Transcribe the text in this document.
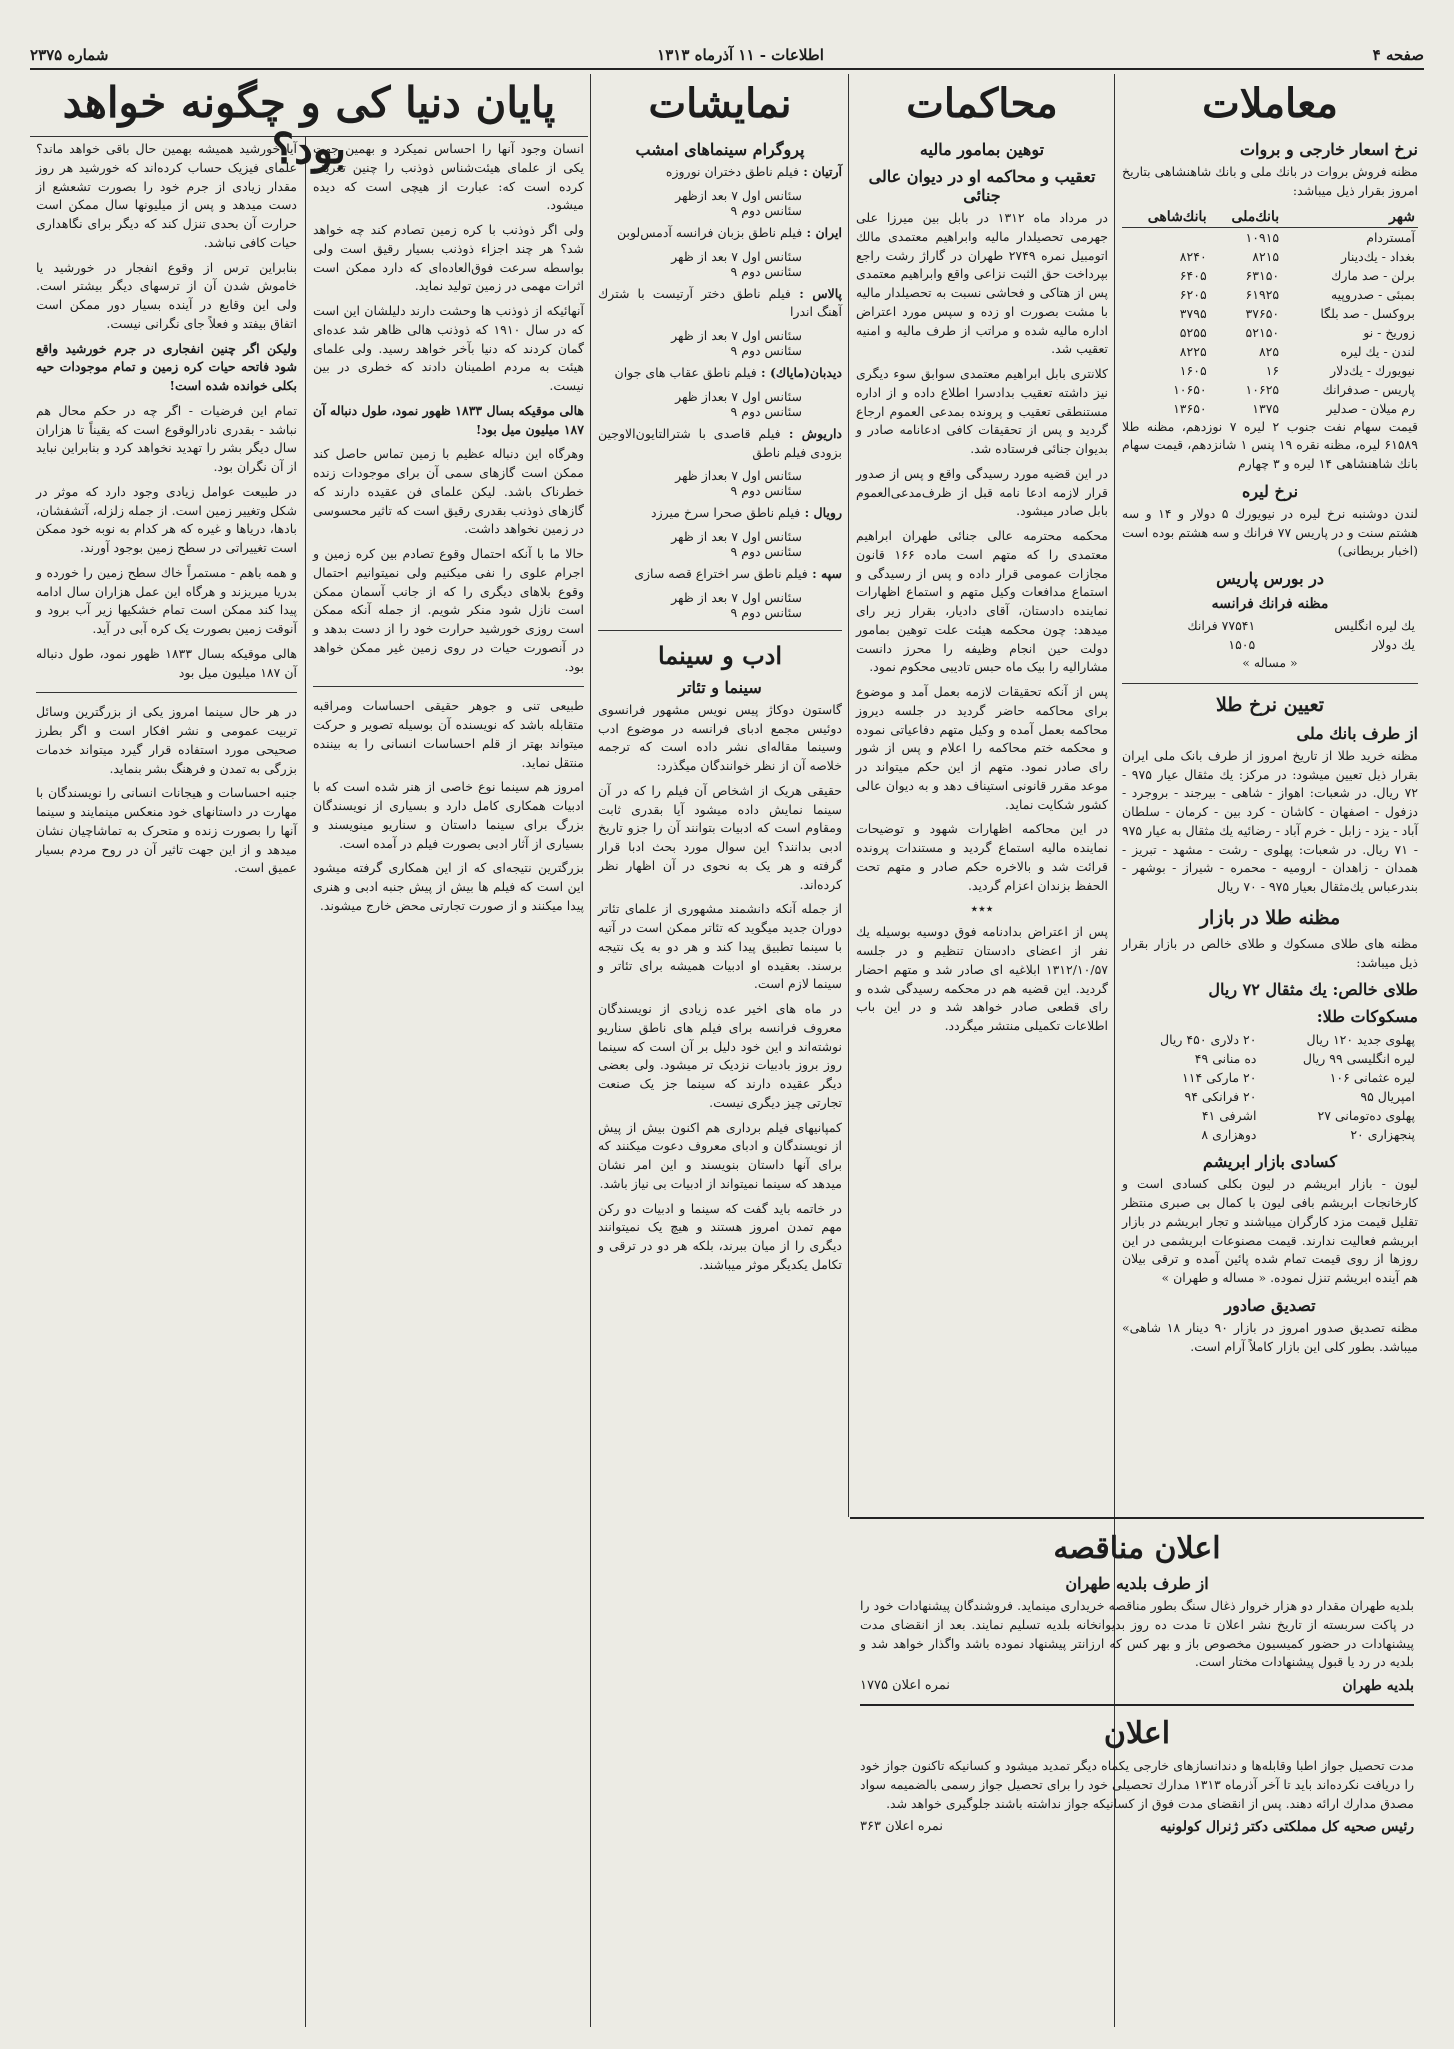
صفحه ۴
اطلاعات - ۱۱ آذرماه ۱۳۱۳
شماره ۲۳۷۵
معاملات
نرخ اسعار خارجی و بروات

مظنه فروش بروات در بانك ملی و بانك شاهنشاهی بتاریخ امروز بقرار ذیل میباشد:

شهر	بانك‌ملی	بانك‌شاهی
آمستردام	۱۰۹۱۵	
بغداد - یك‌دینار	۸۲۱۵	۸۲۴۰
برلن - صد مارك	۶۳۱۵۰	۶۴۰۵
بمبئی - صدروپیه	۶۱۹۲۵	۶۲۰۵
بروکسل - صد بلگا	۳۷۶۵۰	۳۷۹۵
زوریخ - نو	۵۲۱۵۰	۵۲۵۵
لندن - یك لیره	۸۲۵	۸۲۲۵
نیویورك - یك‌دلار	۱۶	۱۶۰۵
پاریس - صدفرانك	۱۰۶۲۵	۱۰۶۵۰
رم میلان - صدلیر	۱۳۷۵	۱۳۶۵۰

قیمت سهام نفت جنوب ۲ لیره ۷ نوزدهم، مظنه طلا ۶۱۵۸۹ لیره، مظنه نقره ۱۹ پنس ۱ شانزدهم، قیمت سهام بانك شاهنشاهی ۱۴ لیره و ۳ چهارم

نرخ لیره

لندن دوشنبه نرخ لیره در نیویورك ۵ دولار و ۱۴ و سه هشتم سنت و در پاریس ۷۷ فرانك و سه هشتم بوده است (اخبار بریطانی)

در بورس پاریس
مظنه فرانك فرانسه
یك لیره انگلیس	۷۷۵۴۱ فرانك
یك دولار	۱۵۰۵

« مساله »

تعیین نرخ طلا
از طرف بانك ملی

مظنه خرید طلا از تاریخ امروز از طرف بانک ملی ایران بقرار ذیل تعیین میشود: در مرکز: یك مثقال عیار ۹۷۵ - ۷۲ ریال. در شعبات: اهواز - شاهی - بیرجند - بروجرد - دزفول - اصفهان - کاشان - کرد بین - کرمان - سلطان آباد - یزد - زابل - خرم آباد - رضائیه یك مثقال به عیار ۹۷۵ - ۷۱ ریال. در شعبات: پهلوی - رشت - مشهد - تبریز - همدان - زاهدان - ارومیه - محمره - شیراز - بوشهر - بندرعباس یك‌مثقال بعیار ۹۷۵ - ۷۰ ریال

مظنه طلا در بازار

مظنه های طلای مسکوك و طلای خالص در بازار بقرار ذیل میباشد:

طلای خالص: یك مثقال ۷۲ ریال
مسکوکات طلا:
پهلوی جدید ۱۲۰ ریال	۲۰ دلاری ۴۵۰ ریال
لیره انگلیسی ۹۹ ریال	ده منانی ۴۹
لیره عثمانی ۱۰۶	۲۰ مارکی ۱۱۴
امپریال ۹۵	۲۰ فرانکی ۹۴
پهلوی ده‌تومانی ۲۷	اشرفی ۴۱
پنجهزاری ۲۰	دوهزاری ۸
کسادی بازار ابریشم

لیون - بازار ابریشم در لیون بکلی کسادی است و کارخانجات ابریشم بافی لیون با کمال بی صبری منتظر تقلیل قیمت مزد کارگران میباشند و تجار ابریشم در بازار ابریشم فعالیت ندارند. قیمت مصنوعات ابریشمی در این روزها از روی قیمت تمام شده پائین آمده و ترقی بیلان هم آینده ابریشم تنزل نموده. « مساله و طهران »

تصدیق صادور

مظنه تصدیق صدور امروز در بازار ۹۰ دینار ۱۸ شاهی» میباشد. بطور کلی این بازار کاملاً آرام است.

محاکمات
توهین بمامور مالیه
تعقیب و محاکمه او در دیوان عالی جنائی

در مرداد ماه ۱۳۱۲ در بابل بین میرزا علی جهرمی تحصیلدار مالیه وابراهیم معتمدی مالك اتومبیل نمره ۲۷۴۹ طهران در گاراژ رشت راجع بپرداخت حق الثبت نزاعی واقع وابراهیم معتمدی پس از هتاکی و فحاشی نسبت به تحصیلدار مالیه با مشت بصورت او زده و سپس مورد اعتراض اداره مالیه شده و مراتب از طرف مالیه و امنیه تعقیب شد.

کلانتری بابل ابراهیم معتمدی سوابق سوء دیگری نیز داشته تعقیب بدادسرا اطلاع داده و از اداره مستنطقی تعقیب و پرونده بمدعی العموم ارجاع گردید و پس از تحقیقات کافی ادعانامه صادر و بدیوان جنائی فرستاده شد.

در این قضیه مورد رسیدگی واقع و پس از صدور قرار لازمه ادعا نامه قبل از ظرف‌مدعی‌العموم بابل صادر میشود.

محکمه محترمه عالی جنائی طهران ابراهیم معتمدی را که متهم است ماده ۱۶۶ قانون مجازات عمومی قرار داده و پس از رسیدگی و استماع مدافعات وکیل متهم و استماع اظهارات نماینده دادستان، آقای دادیار، بقرار زیر رای میدهد: چون محکمه هیئت علت توهین بمامور دولت حین انجام وظیفه را محرز دانست مشارالیه را بیک ماه حبس تادیبی محکوم نمود.

پس از آنکه تحقیقات لازمه بعمل آمد و موضوع برای محاکمه حاضر گردید در جلسه دیروز محاکمه بعمل آمده و وکیل متهم دفاعیاتی نموده و محکمه ختم محاکمه را اعلام و پس از شور رای صادر نمود. متهم از این حکم میتواند در موعد مقرر قانونی استیناف دهد و به دیوان عالی کشور شکایت نماید.

در این محاکمه اظهارات شهود و توضیحات نماینده مالیه استماع گردید و مستندات پرونده قرائت شد و بالاخره حکم صادر و متهم تحت الحفظ بزندان اعزام گردید.

٭٭٭

پس از اعتراض بدادنامه فوق دوسیه بوسیله یك نفر از اعضای دادستان تنظیم و در جلسه ۱۳۱۲/۱۰/۵۷ ابلاغیه ای صادر شد و متهم احضار گردید. این قضیه هم در محکمه رسیدگی شده و رای قطعی صادر خواهد شد و در این باب اطلاعات تکمیلی منتشر میگردد.

اعلان مناقصه
از طرف بلدیه طهران

بلدیه طهران مقدار دو هزار خروار ذغال سنگ بطور مناقصه خریداری مینماید. فروشندگان پیشنهادات خود را در پاکت سربسته از تاریخ نشر اعلان تا مدت ده روز بدیوانخانه بلدیه تسلیم نمایند. بعد از انقضای مدت پیشنهادات در حضور کمیسیون مخصوص باز و بهر کس که ارزانتر پیشنهاد نموده باشد واگذار خواهد شد و بلدیه در رد یا قبول پیشنهادات مختار است.

بلدیه طهران
نمره اعلان ۱۷۷۵
اعلان

مدت تحصیل جواز اطبا وقابله‌ها و دندانسازهای خارجی یکماه دیگر تمدید میشود و کسانیکه تاکنون جواز خود را دریافت نکرده‌اند باید تا آخر آذرماه ۱۳۱۳ مدارك تحصیلی خود را برای تحصیل جواز رسمی بالضمیمه سواد مصدق مدارك ارائه دهند. پس از انقضای مدت فوق از کسانیکه جواز نداشته باشند جلوگیری خواهد شد.

رئیس صحیه کل مملکتی دکتر ژنرال کولونیه
نمره اعلان ۳۶۳
نمایشات
پروگرام سینماهای امشب

آرتیان : فیلم ناطق دختران نوروزه

سئانس اول ۷ بعد ازظهر
سئانس دوم ۹

ایران : فیلم ناطق بزبان فرانسه آدمس‌لوبن

سئانس اول ۷ بعد از ظهر
سئانس دوم ۹

پالاس : فیلم ناطق دختر آرتیست با شترك آهنگ اندرا

سئانس اول ۷ بعد از ظهر
سئانس دوم ۹

دیدبان(مایاك) : فیلم ناطق عقاب های جوان

سئانس اول ۷ بعداز ظهر
سئانس دوم ۹

داریوش : فیلم قاصدی با شترالتایون‌الاوجین بزودی فیلم ناطق

سئانس اول ۷ بعداز ظهر
سئانس دوم ۹

رویال : فیلم ناطق صحرا سرخ میرزد

سئانس اول ۷ بعد از ظهر
سئانس دوم ۹

سپه : فیلم ناطق سر اختراع قصه سازی

سئانس اول ۷ بعد از ظهر
سئانس دوم ۹
ادب و سینما
سینما و تئاتر

گاستون دوکاژ پیس نویس مشهور فرانسوی دوئیس مجمع ادبای فرانسه در موضوع ادب وسینما مقاله‌ای نشر داده است که ترجمه خلاصه آن از نظر خوانندگان میگذرد:

حقیقی هریک از اشخاص آن فیلم را که در آن سینما نمایش داده میشود آیا بقدری ثابت ومقاوم است که ادبیات بتوانند آن را جزو تاریخ ادبی بدانند؟ این سوال مورد بحث ادبا قرار گرفته و هر یک به نحوی در آن اظهار نظر کرده‌اند.

از جمله آنکه دانشمند مشهوری از علمای تئاتر دوران جدید میگوید که تئاتر ممکن است در آتیه با سینما تطبیق پیدا کند و هر دو به یک نتیجه برسند. بعقیده او ادبیات همیشه برای تئاتر و سینما لازم است.

در ماه های اخیر عده زیادی از نویسندگان معروف فرانسه برای فیلم های ناطق سناریو نوشته‌اند و این خود دلیل بر آن است که سینما روز بروز بادبیات نزدیک تر میشود. ولی بعضی دیگر عقیده دارند که سینما جز یک صنعت تجارتی چیز دیگری نیست.

کمپانیهای فیلم برداری هم اکنون بیش از پیش از نویسندگان و ادبای معروف دعوت میکنند که برای آنها داستان بنویسند و این امر نشان میدهد که سینما نمیتواند از ادبیات بی نیاز باشد.

در خاتمه باید گفت که سینما و ادبیات دو رکن مهم تمدن امروز هستند و هیچ یک نمیتوانند دیگری را از میان ببرند، بلکه هر دو در ترقی و تکامل یکدیگر موثر میباشند.

پایان دنیا کی و چگونه خواهد بود؟

انسان وجود آنها را احساس نمیکرد و بهمین جهت یکی از علمای هیئت‌شناس ذوذنب را چنین تعریف کرده است که: عبارت از هیچی است که دیده میشود.

ولی اگر ذوذنب با کره زمین تصادم کند چه خواهد شد؟ هر چند اجزاء ذوذنب بسیار رقیق است ولی بواسطه سرعت فوق‌العاده‌ای که دارد ممکن است اثرات مهمی در زمین تولید نماید.

آنهائیکه از ذوذنب ها وحشت دارند دلیلشان این است که در سال ۱۹۱۰ که ذوذنب هالی ظاهر شد عده‌ای گمان کردند که دنیا بآخر خواهد رسید. ولی علمای هیئت به مردم اطمینان دادند که خطری در بین نیست.

هالی موقیکه بسال ۱۸۳۳ ظهور نمود، طول دنباله آن ۱۸۷ میلیون میل بود!

وهرگاه این دنباله عظیم با زمین تماس حاصل کند ممکن است گازهای سمی آن برای موجودات زنده خطرناک باشد. لیکن علمای فن عقیده دارند که گازهای ذوذنب بقدری رقیق است که تاثیر محسوسی در زمین نخواهد داشت.

حالا ما با آنکه احتمال وقوع تصادم بین کره زمین و اجرام علوی را نفی میکنیم ولی نمیتوانیم احتمال وقوع بلاهای دیگری را که از جانب آسمان ممکن است نازل شود منکر شویم. از جمله آنکه ممکن است روزی خورشید حرارت خود را از دست بدهد و در آنصورت حیات در روی زمین غیر ممکن خواهد بود.

طبیعی تنی و جوهر حقیقی احساسات ومراقبه متقابله باشد که نویسنده آن بوسیله تصویر و حرکت میتواند بهتر از قلم احساسات انسانی را به بیننده منتقل نماید.

امروز هم سینما نوع خاصی از هنر شده است که با ادبیات همکاری کامل دارد و بسیاری از نویسندگان بزرگ برای سینما داستان و سناریو مینویسند و بسیاری از آثار ادبی بصورت فیلم در آمده است.

بزرگترین نتیجه‌ای که از این همکاری گرفته میشود این است که فیلم ها بیش از پیش جنبه ادبی و هنری پیدا میکنند و از صورت تجارتی محض خارج میشوند.

آیا خورشید همیشه بهمین حال باقی خواهد ماند؟ علمای فیزیک حساب کرده‌اند که خورشید هر روز مقدار زیادی از جرم خود را بصورت تشعشع از دست میدهد و پس از میلیونها سال ممکن است حرارت آن بحدی تنزل کند که دیگر برای نگاهداری حیات کافی نباشد.

بنابراین ترس از وقوع انفجار در خورشید یا خاموش شدن آن از ترسهای دیگر بیشتر است. ولی این وقایع در آینده بسیار دور ممکن است اتفاق بیفتد و فعلاً جای نگرانی نیست.

ولیکن اگر چنین انفجاری در جرم خورشید واقع شود فاتحه حیات کره زمین و تمام موجودات حیه بکلی خوانده شده است!

تمام این فرضیات - اگر چه در حکم محال هم نباشد - بقدری نادرالوقوع است که یقیناً تا هزاران سال دیگر بشر را تهدید نخواهد کرد و بنابراین نباید از آن نگران بود.

در طبیعت عوامل زیادی وجود دارد که موثر در شکل وتغییر زمین است. از جمله زلزله، آتشفشان، بادها، دریاها و غیره که هر کدام به نوبه خود ممکن است تغییراتی در سطح زمین بوجود آورند.

و همه باهم - مستمراً خاك سطح زمین را خورده و بدریا میریزند و هرگاه این عمل هزاران سال ادامه پیدا کند ممکن است تمام خشکیها زیر آب برود و آنوقت زمین بصورت یک کره آبی در آید.

هالی موقیکه بسال ۱۸۳۳ ظهور نمود، طول دنباله آن ۱۸۷ میلیون میل بود

در هر حال سینما امروز یکی از بزرگترین وسائل تربیت عمومی و نشر افکار است و اگر بطرز صحیحی مورد استفاده قرار گیرد میتواند خدمات بزرگی به تمدن و فرهنگ بشر بنماید.

جنبه احساسات و هیجانات انسانی را نویسندگان با مهارت در داستانهای خود منعکس مینمایند و سینما آنها را بصورت زنده و متحرک به تماشاچیان نشان میدهد و از این جهت تاثیر آن در روح مردم بسیار عمیق است.
